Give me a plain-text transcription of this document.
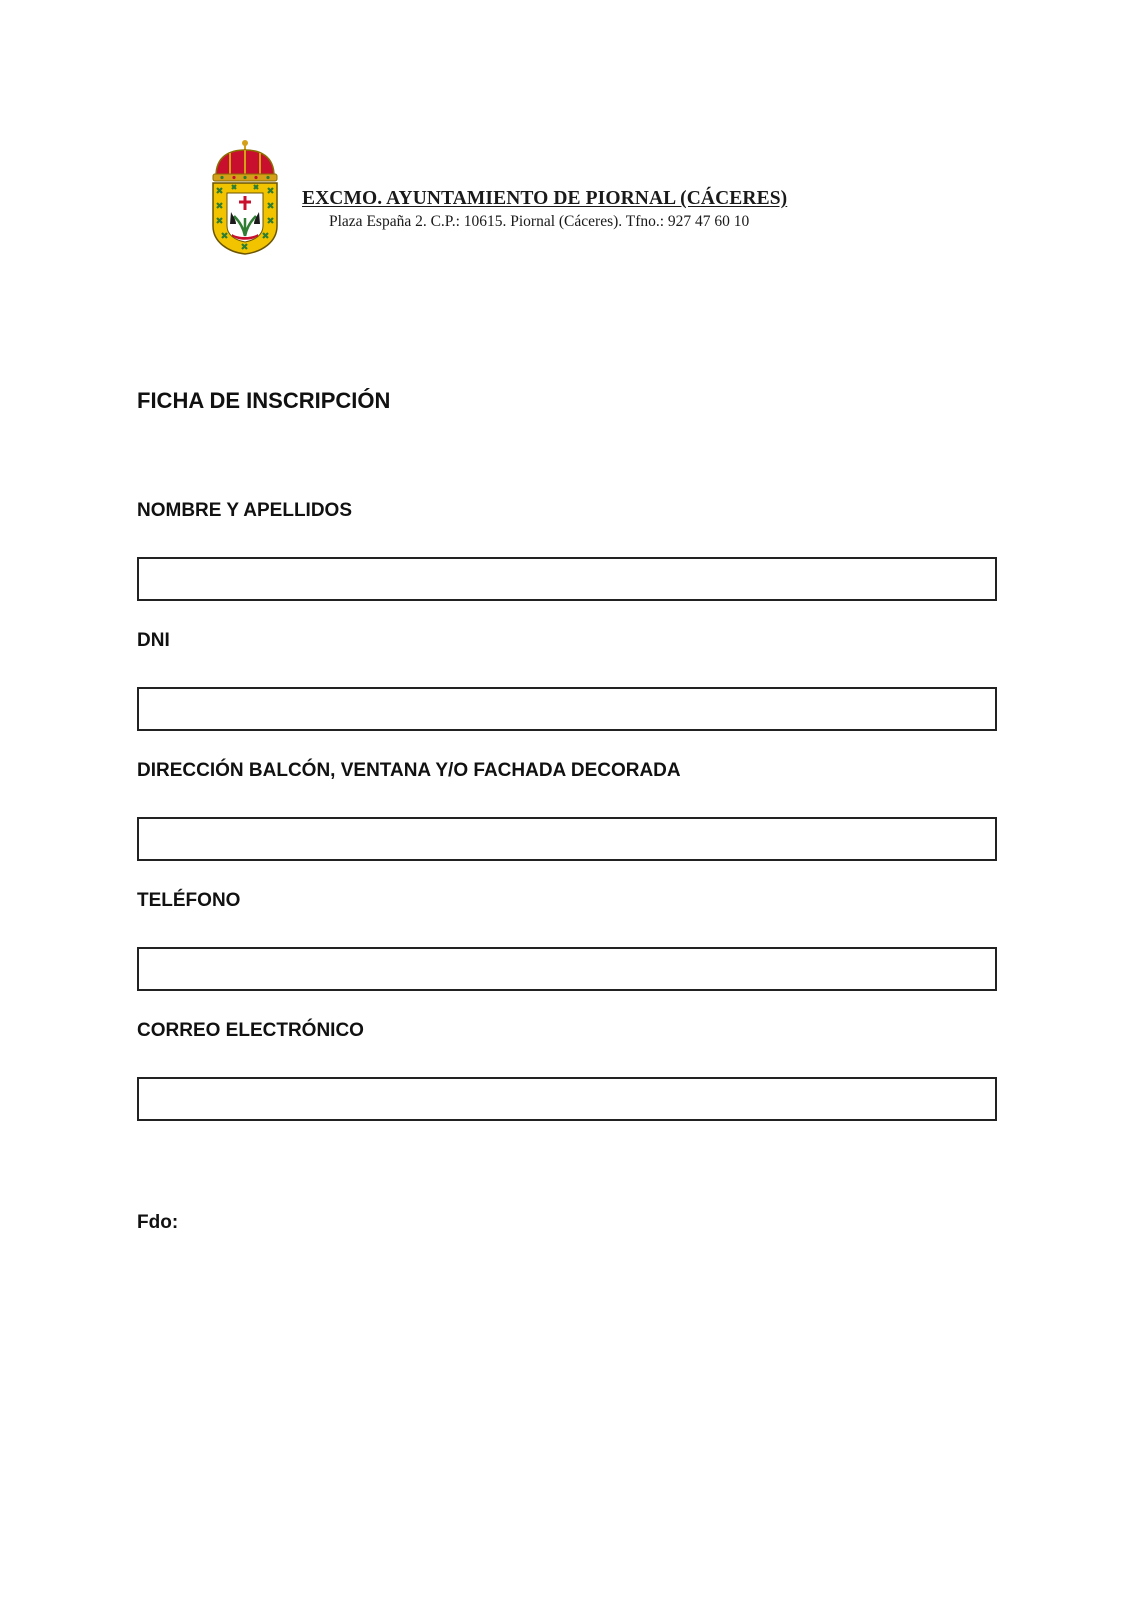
EXCMO. AYUNTAMIENTO DE PIORNAL (CÁCERES)
Plaza España 2. C.P.: 10615. Piornal (Cáceres). Tfno.: 927 47 60 10
FICHA DE INSCRIPCIÓN
NOMBRE Y APELLIDOS
DNI
DIRECCIÓN BALCÓN, VENTANA Y/O FACHADA DECORADA
TELÉFONO
CORREO ELECTRÓNICO
Fdo:
